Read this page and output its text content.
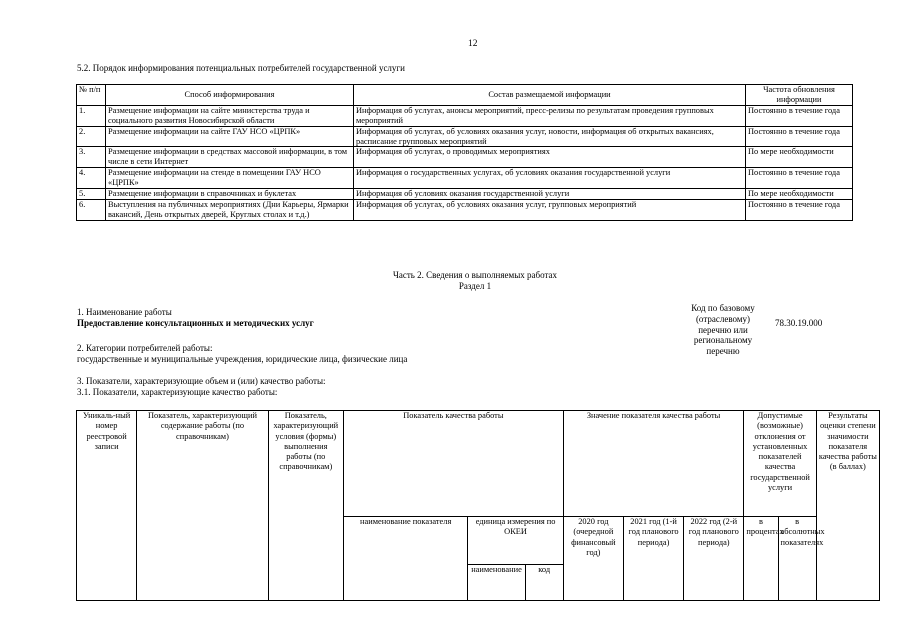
12
5.2. Порядок информирования потенциальных потребителей государственной услуги
№ п/п	Способ информирования	Состав размещаемой информации	Частота обновления информации
1.	Размещение информации на сайте министерства труда и социального развития Новосибирской области	Информация об услугах, анонсы мероприятий, пресс-релизы по результатам проведения групповых мероприятий	Постоянно в течение года
2.	Размещение информации на сайте ГАУ НСО «ЦРПК»	Информация об услугах, об условиях оказания услуг, новости, информация об открытых вакансиях, расписание групповых мероприятий	Постоянно в течение года
3.	Размещение информации в средствах массовой информации, в том числе в сети Интернет	Информация об услугах, о проводимых мероприятиях	По мере необходимости
4.	Размещение информации на стенде в помещении ГАУ НСО «ЦРПК»	Информация о государственных услугах, об условиях оказания государственной услуги	Постоянно в течение года
5.	Размещение информации в справочниках и буклетах	Информация об условиях оказания государственной услуги	По мере необходимости
6.	Выступления на публичных мероприятиях (Дни Карьеры, Ярмарки вакансий, День открытых дверей, Круглых столах и т.д.)	Информация об услугах, об условиях оказания услуг, групповых мероприятий	Постоянно в течение года
Часть 2. Сведения о выполняемых работах
Раздел 1
1. Наименование работы
Предоставление консультационных и методических услуг
Код по базовому (отраслевому) перечню или региональному перечню
78.30.19.000
2. Категории потребителей работы:
государственные и муниципальные учреждения, юридические лица, физические лица
3. Показатели, характеризующие объем и (или) качество работы:
3.1. Показатели, характеризующие качество работы:
Уникаль-ный номер реестровой записи	Показатель, характеризующий содержание работы (по справочникам)	Показатель, характеризующий условия (формы) выполнения работы (по справочникам)	Показатель качества работы			Значение показателя качества работы			Допустимые (возможные) отклонения от установленных показателей качества государственной услуги		Результаты оценки степени значимости показателя качества работы (в баллах)
			наименование показателя	единица измерения по ОКЕИ		2020 год (очередной финансовый год)	2021 год (1-й год планового периода)	2022 год (2-й год планового периода)	в процентах	в абсолютных показателях	
				наименование	код						
